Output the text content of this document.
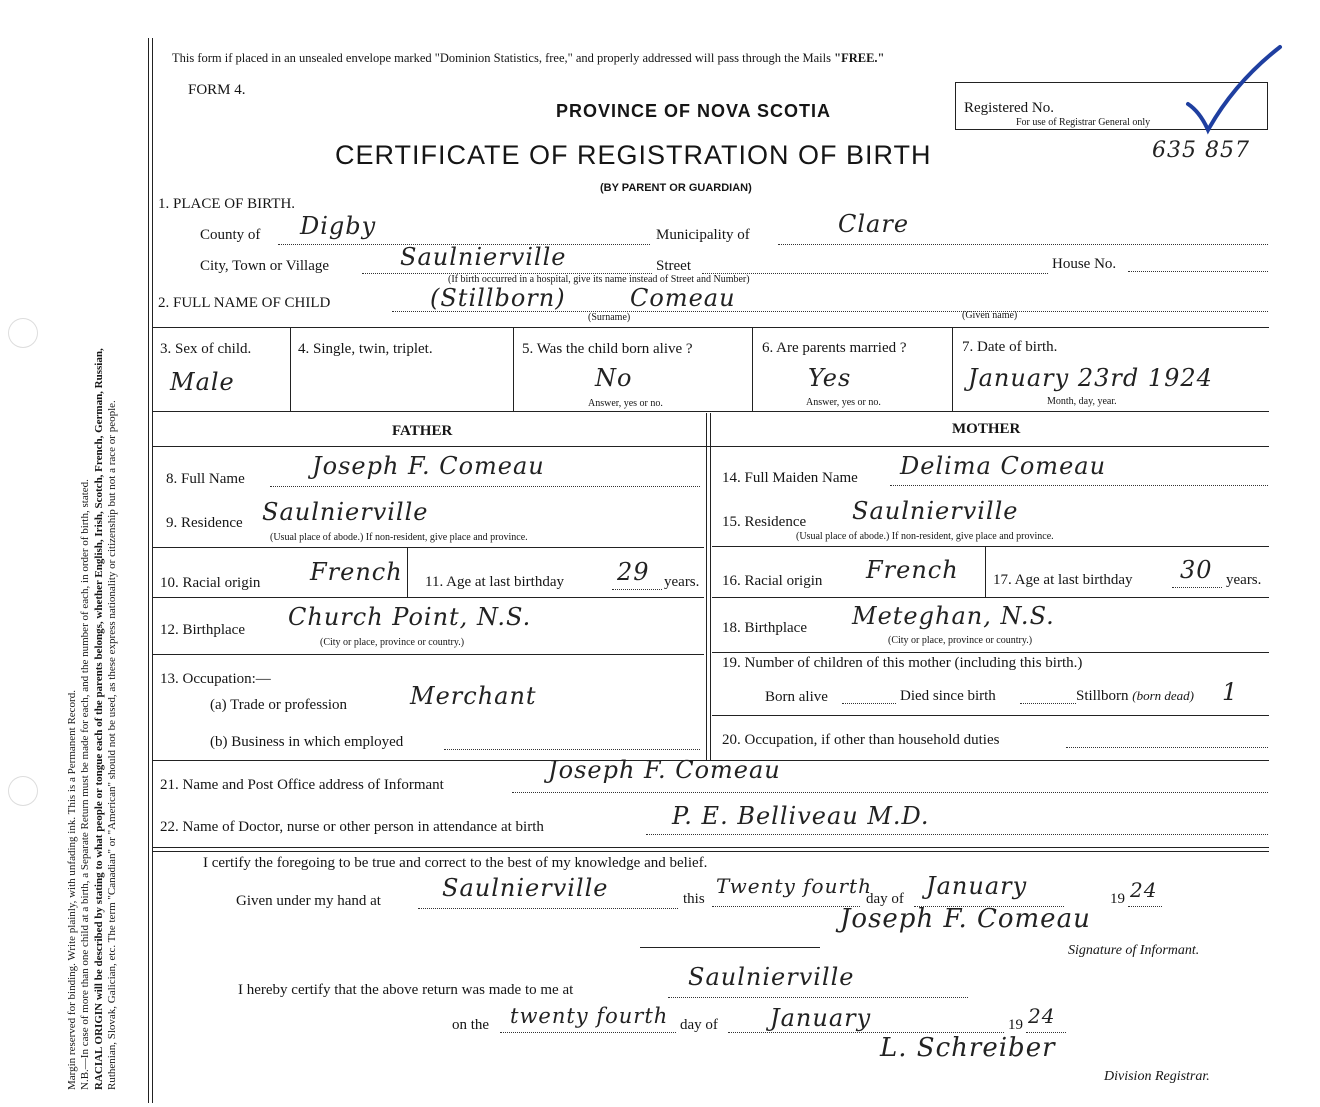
Margin reserved for binding. Write plainly, with unfading ink. This is a Permanent Record. N.B.—In case of more than one child at a birth, a Separate Return must be made for each, and the number of each, in order of birth, stated. RACIAL ORIGIN will be described by stating to what people or tongue each of the parents belongs, whether English, Irish, Scotch, French, German, Russian, Ruthenian, Slovak, Galician, etc. The term "Canadian" or "American" should not be used, as these express nationality or citizenship but not a race or people.
This form if placed in an unsealed envelope marked "Dominion Statistics, free," and properly addressed will pass through the Mails "FREE."
FORM 4.
PROVINCE OF NOVA SCOTIA
CERTIFICATE OF REGISTRATION OF BIRTH
(BY PARENT OR GUARDIAN)
Registered No.
For use of Registrar General only
635 857
1. PLACE OF BIRTH.
County of Digby	Municipality of	Clare
City, Town or Village	Saulnierville	Street	House No.
(If birth occurred in a hospital, give its name instead of Street and Number)
2. FULL NAME OF CHILD	(Stillborn)	Comeau
(Surname)	(Given name)
3. Sex of child.
Male
4. Single, twin, triplet.	5. Was the child born alive ?
No
Answer, yes or no.
6. Are parents married ?
Yes
Answer, yes or no.
7. Date of birth.
January 23rd 1924
Month, day, year.
FATHER	MOTHER
8. Full Name	Joseph F. Comeau
9. Residence Saulnierville
(Usual place of abode.) If non-resident, give place and province.
10. Racial origin French 11. Age at last birthday 29 years.
12. Birthplace Church Point, N.S.
(City or place, province or country.)
13. Occupation:—
(a) Trade or profession	Merchant
(b) Business in which employed
14. Full Maiden Name Delima Comeau
15. Residence Saulnierville
(Usual place of abode.) If non-resident, give place and province.
16. Racial origin French 17. Age at last birthday 30 years.
18. Birthplace Meteghan, N.S.
(City or place, province or country.)
19. Number of children of this mother (including this birth.)
Born alive	Died since birth	Stillborn (born dead) 1
20. Occupation, if other than household duties
21. Name and Post Office address of Informant
Joseph F. Comeau
22. Name of Doctor, nurse or other person in attendance at birth	P. E. Belliveau M.D.
I certify the foregoing to be true and correct to the best of my knowledge and belief.
Given under my hand at	Saulnierville	this
Twenty fourth
day of January	19 24
Joseph F. Comeau
Signature of Informant.
I hereby certify that the above return was made to me at	Saulnierville
on the twenty fourth day of January	19 24
L. Schreiber
Division Registrar.
